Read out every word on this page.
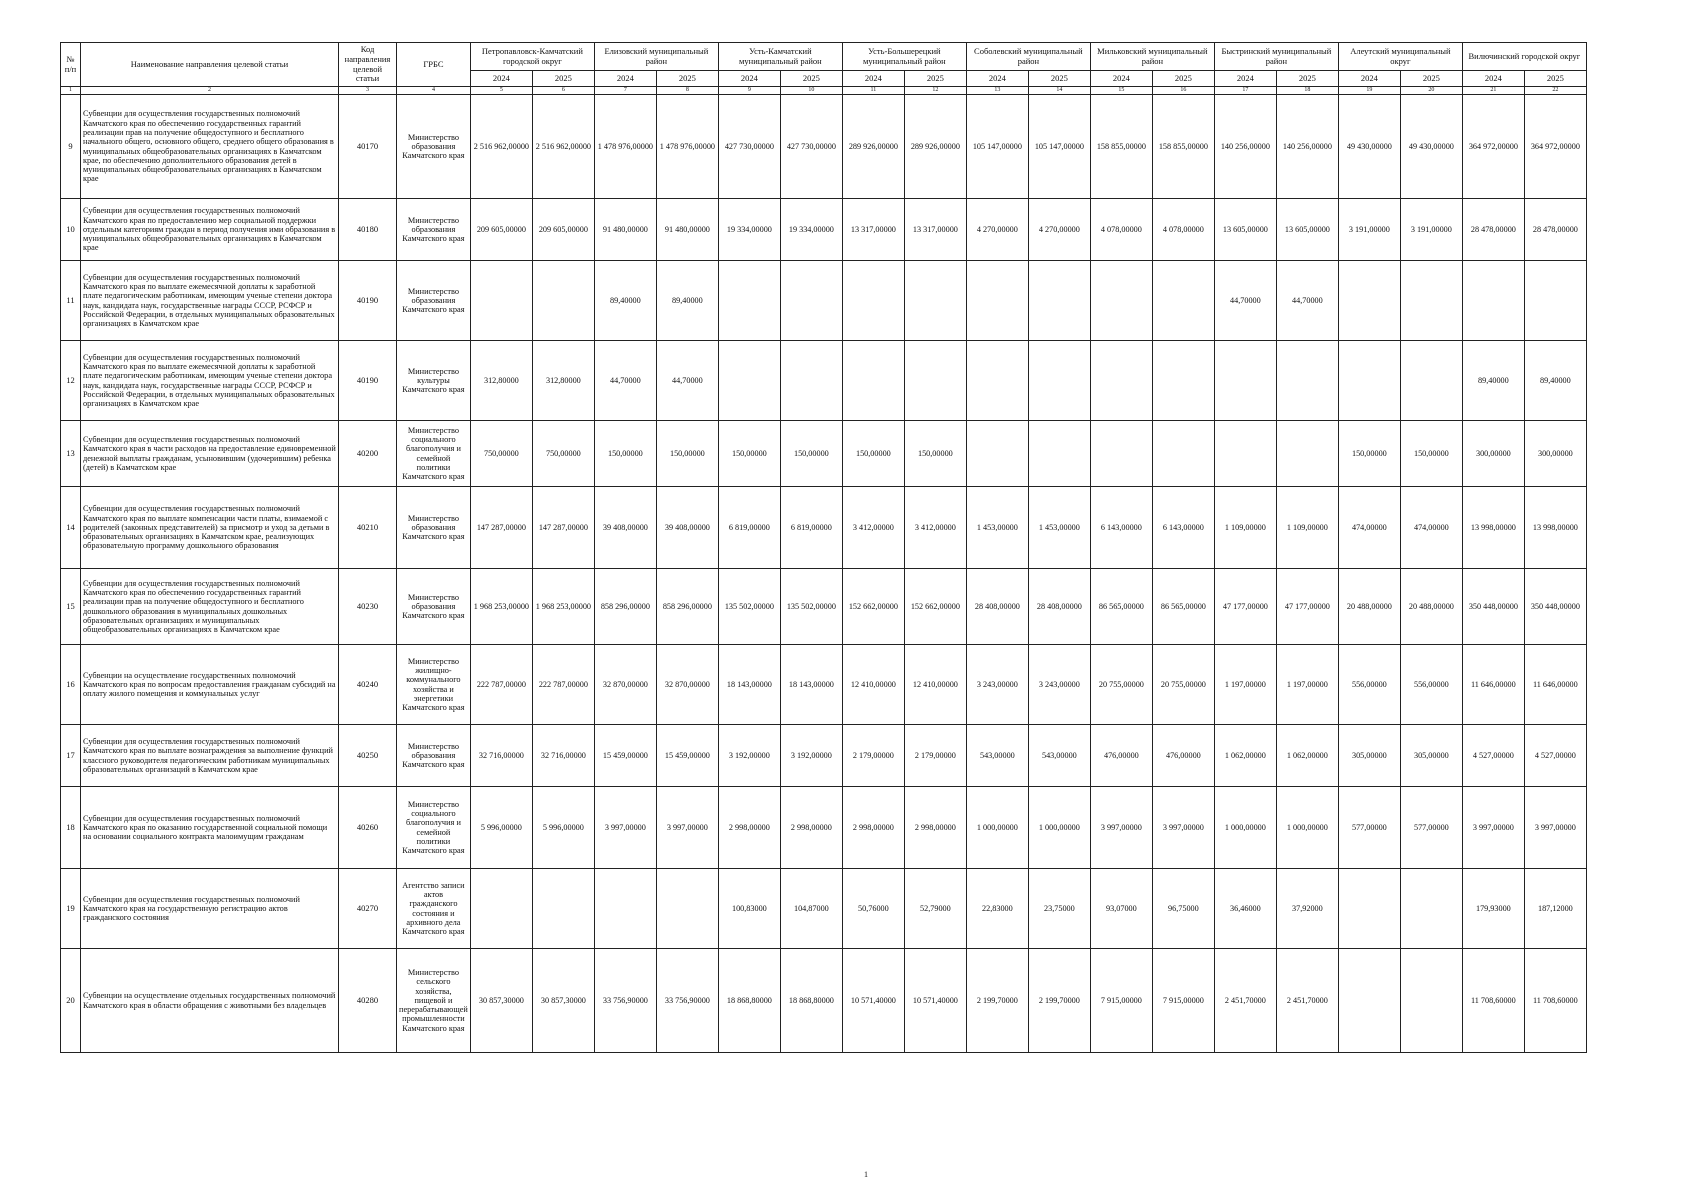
№ п/п	Наименование направления целевой статьи	Код направления целевой статьи	ГРБС	Петропавловск-Камчатский городской округ		Елизовский муниципальный район		Усть-Камчатский муниципальный район		Усть-Большерецкий муниципальный район		Соболевский муниципальный район		Мильковский муниципальный район		Быстринский муниципальный район		Алеутский муниципальный округ		Вилючинский городской округ	
				2024	2025	2024	2025	2024	2025	2024	2025	2024	2025	2024	2025	2024	2025	2024	2025	2024	2025
1	2	3	4	5	6	7	8	9	10	11	12	13	14	15	16	17	18	19	20	21	22
9	Субвенции для осуществления государственных полномочий Камчатского края по обеспечению государственных гарантий реализации прав на получение общедоступного и бесплатного начального общего, основного общего, среднего общего образования в муниципальных общеобразовательных организациях в Камчатском крае, по обеспечению дополнительного образования детей в муниципальных общеобразовательных организациях в Камчатском крае	40170	Министерство образования Камчатского края	2 516 962,00000	2 516 962,00000	1 478 976,00000	1 478 976,00000	427 730,00000	427 730,00000	289 926,00000	289 926,00000	105 147,00000	105 147,00000	158 855,00000	158 855,00000	140 256,00000	140 256,00000	49 430,00000	49 430,00000	364 972,00000	364 972,00000
10	Субвенции для осуществления государственных полномочий Камчатского края по предоставлению мер социальной поддержки отдельным категориям граждан в период получения ими образования в муниципальных общеобразовательных организациях в Камчатском крае	40180	Министерство образования Камчатского края	209 605,00000	209 605,00000	91 480,00000	91 480,00000	19 334,00000	19 334,00000	13 317,00000	13 317,00000	4 270,00000	4 270,00000	4 078,00000	4 078,00000	13 605,00000	13 605,00000	3 191,00000	3 191,00000	28 478,00000	28 478,00000
11	Субвенции для осуществления государственных полномочий Камчатского края по выплате ежемесячной доплаты к заработной плате педагогическим работникам, имеющим ученые степени доктора наук, кандидата наук, государственные награды СССР, РСФСР и Российской Федерации, в отдельных муниципальных образовательных организациях в Камчатском крае	40190	Министерство образования Камчатского края			89,40000	89,40000									44,70000	44,70000				
12	Субвенции для осуществления государственных полномочий Камчатского края по выплате ежемесячной доплаты к заработной плате педагогическим работникам, имеющим ученые степени доктора наук, кандидата наук, государственные награды СССР, РСФСР и Российской Федерации, в отдельных муниципальных образовательных организациях в Камчатском крае	40190	Министерство культуры Камчатского края	312,80000	312,80000	44,70000	44,70000													89,40000	89,40000
13	Субвенции для осуществления государственных полномочий Камчатского края в части расходов на предоставление единовременной денежной выплаты гражданам, усыновившим (удочерившим) ребенка (детей) в Камчатском крае	40200	Министерство социального благополучия и семейной политики Камчатского края	750,00000	750,00000	150,00000	150,00000	150,00000	150,00000	150,00000	150,00000							150,00000	150,00000	300,00000	300,00000
14	Субвенции для осуществления государственных полномочий Камчатского края по выплате компенсации части платы, взимаемой с родителей (законных представителей) за присмотр и уход за детьми в образовательных организациях в Камчатском крае, реализующих образовательную программу дошкольного образования	40210	Министерство образования Камчатского края	147 287,00000	147 287,00000	39 408,00000	39 408,00000	6 819,00000	6 819,00000	3 412,00000	3 412,00000	1 453,00000	1 453,00000	6 143,00000	6 143,00000	1 109,00000	1 109,00000	474,00000	474,00000	13 998,00000	13 998,00000
15	Субвенции для осуществления государственных полномочий Камчатского края по обеспечению государственных гарантий реализации прав на получение общедоступного и бесплатного дошкольного образования в муниципальных дошкольных образовательных организациях и муниципальных общеобразовательных организациях в Камчатском крае	40230	Министерство образования Камчатского края	1 968 253,00000	1 968 253,00000	858 296,00000	858 296,00000	135 502,00000	135 502,00000	152 662,00000	152 662,00000	28 408,00000	28 408,00000	86 565,00000	86 565,00000	47 177,00000	47 177,00000	20 488,00000	20 488,00000	350 448,00000	350 448,00000
16	Субвенции на осуществление государственных полномочий Камчатского края по вопросам предоставления гражданам субсидий на оплату жилого помещения и коммунальных услуг	40240	Министерство жилищно-коммунального хозяйства и энергетики Камчатского края	222 787,00000	222 787,00000	32 870,00000	32 870,00000	18 143,00000	18 143,00000	12 410,00000	12 410,00000	3 243,00000	3 243,00000	20 755,00000	20 755,00000	1 197,00000	1 197,00000	556,00000	556,00000	11 646,00000	11 646,00000
17	Субвенции для осуществления государственных полномочий Камчатского края по выплате вознаграждения за выполнение функций классного руководителя педагогическим работникам муниципальных образовательных организаций в Камчатском крае	40250	Министерство образования Камчатского края	32 716,00000	32 716,00000	15 459,00000	15 459,00000	3 192,00000	3 192,00000	2 179,00000	2 179,00000	543,00000	543,00000	476,00000	476,00000	1 062,00000	1 062,00000	305,00000	305,00000	4 527,00000	4 527,00000
18	Субвенции для осуществления государственных полномочий Камчатского края по оказанию государственной социальной помощи на основании социального контракта малоимущим гражданам	40260	Министерство социального благополучия и семейной политики Камчатского края	5 996,00000	5 996,00000	3 997,00000	3 997,00000	2 998,00000	2 998,00000	2 998,00000	2 998,00000	1 000,00000	1 000,00000	3 997,00000	3 997,00000	1 000,00000	1 000,00000	577,00000	577,00000	3 997,00000	3 997,00000
19	Субвенции для осуществления государственных полномочий Камчатского края на государственную регистрацию актов гражданского состояния	40270	Агентство записи актов гражданского состояния и архивного дела Камчатского края					100,83000	104,87000	50,76000	52,79000	22,83000	23,75000	93,07000	96,75000	36,46000	37,92000			179,93000	187,12000
20	Субвенции на осуществление отдельных государственных полномочий Камчатского края в области обращения с животными без владельцев	40280	Министерство сельского хозяйства, пищевой и перерабатывающей промышленности Камчатского края	30 857,30000	30 857,30000	33 756,90000	33 756,90000	18 868,80000	18 868,80000	10 571,40000	10 571,40000	2 199,70000	2 199,70000	7 915,00000	7 915,00000	2 451,70000	2 451,70000			11 708,60000	11 708,60000
1
